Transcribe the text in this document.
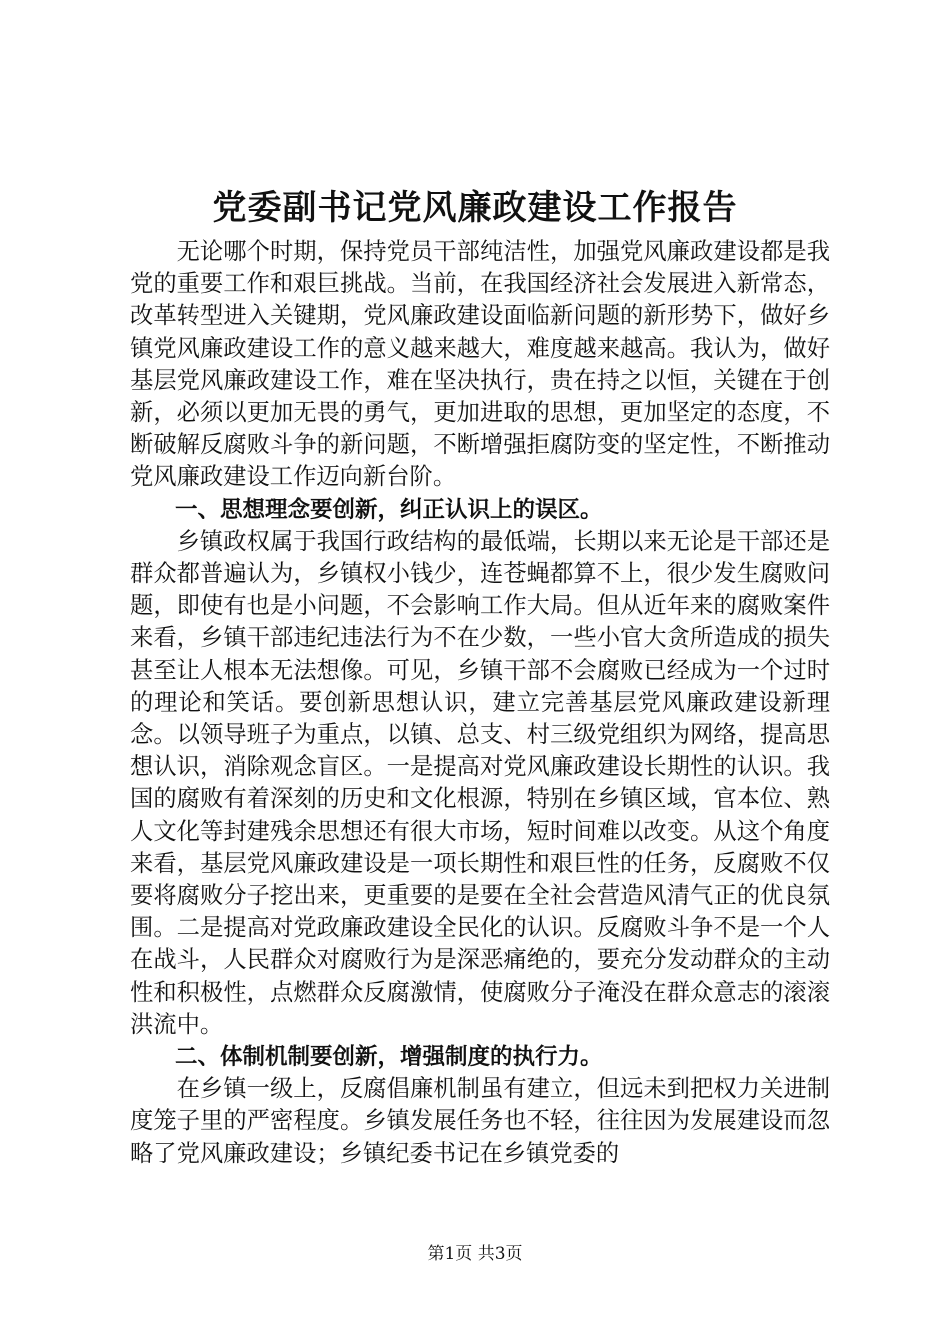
党委副书记党风廉政建设工作报告

无论哪个时期，保持党员干部纯洁性，加强党风廉政建设都是我党的重要工作和艰巨挑战。当前，在我国经济社会发展进入新常态，改革转型进入关键期，党风廉政建设面临新问题的新形势下，做好乡镇党风廉政建设工作的意义越来越大，难度越来越高。我认为，做好基层党风廉政建设工作，难在坚决执行，贵在持之以恒，关键在于创新，必须以更加无畏的勇气，更加进取的思想，更加坚定的态度，不断破解反腐败斗争的新问题，不断增强拒腐防变的坚定性，不断推动党风廉政建设工作迈向新台阶。

一、思想理念要创新，纠正认识上的误区。

乡镇政权属于我国行政结构的最低端，长期以来无论是干部还是群众都普遍认为，乡镇权小钱少，连苍蝇都算不上，很少发生腐败问题，即使有也是小问题，不会影响工作大局。但从近年来的腐败案件来看，乡镇干部违纪违法行为不在少数，一些小官大贪所造成的损失甚至让人根本无法想像。可见，乡镇干部不会腐败已经成为一个过时的理论和笑话。要创新思想认识，建立完善基层党风廉政建设新理念。以领导班子为重点，以镇、总支、村三级党组织为网络，提高思想认识，消除观念盲区。一是提高对党风廉政建设长期性的认识。我国的腐败有着深刻的历史和文化根源，特别在乡镇区域，官本位、熟人文化等封建残余思想还有很大市场，短时间难以改变。从这个角度来看，基层党风廉政建设是一项长期性和艰巨性的任务，反腐败不仅要将腐败分子挖出来，更重要的是要在全社会营造风清气正的优良氛围。二是提高对党政廉政建设全民化的认识。反腐败斗争不是一个人在战斗，人民群众对腐败行为是深恶痛绝的，要充分发动群众的主动性和积极性，点燃群众反腐激情，使腐败分子淹没在群众意志的滚滚洪流中。

二、体制机制要创新，增强制度的执行力。

在乡镇一级上，反腐倡廉机制虽有建立，但远未到把权力关进制度笼子里的严密程度。乡镇发展任务也不轻，往往因为发展建设而忽略了党风廉政建设；乡镇纪委书记在乡镇党委的

第1页 共3页
